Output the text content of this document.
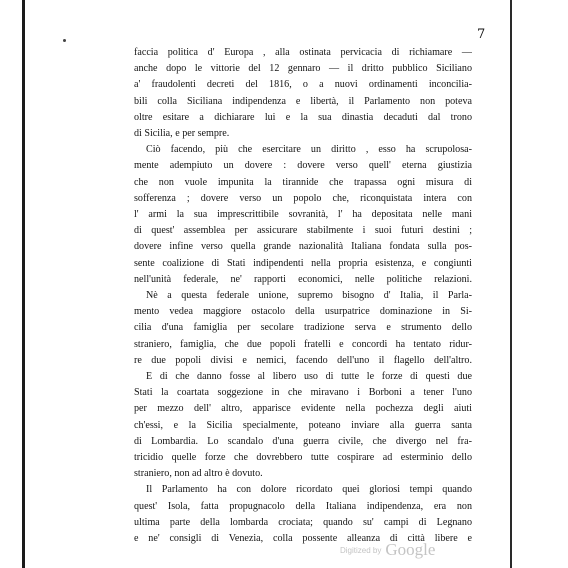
7
faccia politica d' Europa , alla ostinata pervicacia di richiamare —
anche dopo le vittorie del 12 gennaro — il dritto pubblico Siciliano
a' fraudolenti decreti del 1816, o a nuovi ordinamenti inconcilia-
bili colla Siciliana indipendenza e libertà, il Parlamento non poteva
oltre esitare a dichiarare lui e la sua dinastia decaduti dal trono
di Sicilia, e per sempre.
Ciò facendo, più che esercitare un diritto , esso ha scrupolosa-
mente adempiuto un dovere : dovere verso quell' eterna giustizia
che non vuole impunita la tirannide che trapassa ogni misura di
sofferenza ; dovere verso un popolo che, riconquistata intera con
l' armi la sua imprescrittibile sovranità, l' ha depositata nelle mani
di quest' assemblea per assicurare stabilmente i suoi futuri destini ;
dovere infine verso quella grande nazionalità Italiana fondata sulla pos-
sente coalizione di Stati indipendenti nella propria esistenza, e congiunti
nell'unità federale, ne' rapporti economici, nelle politiche relazioni.
Nè a questa federale unione, supremo bisogno d' Italia, il Parla-
mento vedea maggiore ostacolo della usurpatrice dominazione in Si-
cilia d'una famiglia per secolare tradizione serva e strumento dello
straniero, famiglia, che due popoli fratelli e concordi ha tentato ridur-
re due popoli divisi e nemici, facendo dell'uno il flagello dell'altro.
E di che danno fosse al libero uso di tutte le forze di questi due
Stati la coartata soggezione in che miravano i Borboni a tener l'uno
per mezzo dell' altro, apparisce evidente nella pochezza degli aiuti
ch'essi, e la Sicilia specialmente, poteano inviare alla guerra santa
di Lombardia. Lo scandalo d'una guerra civile, che divergo nel fra-
tricidio quelle forze che dovrebbero tutte cospirare ad esterminio dello
straniero, non ad altro è dovuto.
Il Parlamento ha con dolore ricordato quei gloriosi tempi quando
quest' Isola, fatta propugnacolo della Italiana indipendenza, era non
ultima parte della lombarda crociata; quando su' campi di Legnano
e ne' consigli di Venezia, colla possente alleanza di città libere e
Digitized by Google
